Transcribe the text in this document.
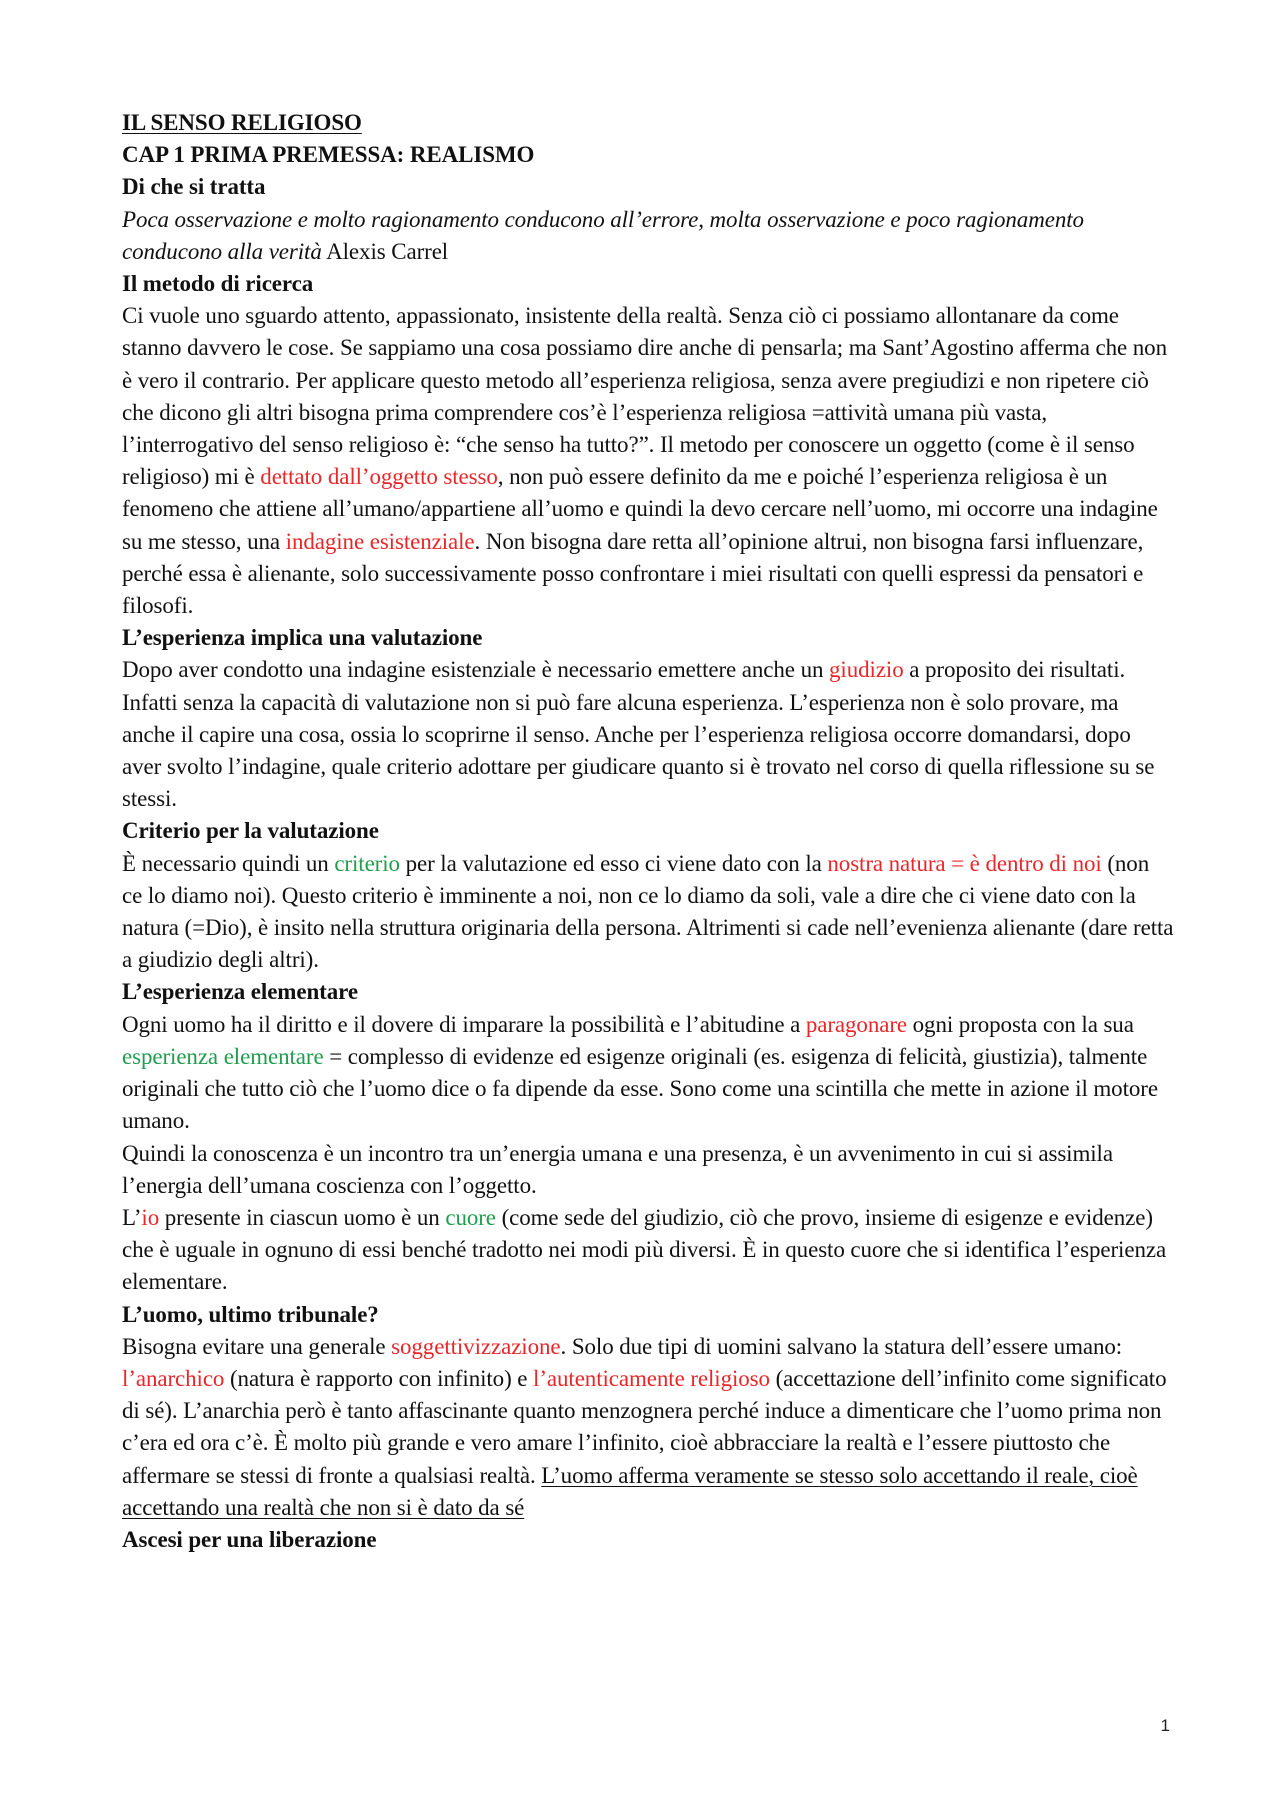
IL SENSO RELIGIOSO

CAP 1 PRIMA PREMESSA: REALISMO

Di che si tratta

Poca osservazione e molto ragionamento conducono all’errore, molta osservazione e poco ragionamento conducono alla verità Alexis Carrel

Il metodo di ricerca

Ci vuole uno sguardo attento, appassionato, insistente della realtà. Senza ciò ci possiamo allontanare da come stanno davvero le cose. Se sappiamo una cosa possiamo dire anche di pensarla; ma Sant’Agostino afferma che non è vero il contrario. Per applicare questo metodo all’esperienza religiosa, senza avere pregiudizi e non ripetere ciò che dicono gli altri bisogna prima comprendere cos’è l’esperienza religiosa =attività umana più vasta, l’interrogativo del senso religioso è: “che senso ha tutto?”. Il metodo per conoscere un oggetto (come è il senso religioso) mi è dettato dall’oggetto stesso, non può essere definito da me e poiché l’esperienza religiosa è un fenomeno che attiene all’umano/appartiene all’uomo e quindi la devo cercare nell’uomo, mi occorre una indagine su me stesso, una indagine esistenziale. Non bisogna dare retta all’opinione altrui, non bisogna farsi influenzare, perché essa è alienante, solo successivamente posso confrontare i miei risultati con quelli espressi da pensatori e filosofi.

L’esperienza implica una valutazione

Dopo aver condotto una indagine esistenziale è necessario emettere anche un giudizio a proposito dei risultati. Infatti senza la capacità di valutazione non si può fare alcuna esperienza. L’esperienza non è solo provare, ma anche il capire una cosa, ossia lo scoprirne il senso. Anche per l’esperienza religiosa occorre domandarsi, dopo aver svolto l’indagine, quale criterio adottare per giudicare quanto si è trovato nel corso di quella riflessione su se stessi.

Criterio per la valutazione

È necessario quindi un criterio per la valutazione ed esso ci viene dato con la nostra natura = è dentro di noi (non ce lo diamo noi). Questo criterio è imminente a noi, non ce lo diamo da soli, vale a dire che ci viene dato con la natura (=Dio), è insito nella struttura originaria della persona. Altrimenti si cade nell’evenienza alienante (dare retta a giudizio degli altri).

L’esperienza elementare

Ogni uomo ha il diritto e il dovere di imparare la possibilità e l’abitudine a paragonare ogni proposta con la sua esperienza elementare = complesso di evidenze ed esigenze originali (es. esigenza di felicità, giustizia), talmente originali che tutto ciò che l’uomo dice o fa dipende da esse. Sono come una scintilla che mette in azione il motore umano.

Quindi la conoscenza è un incontro tra un’energia umana e una presenza, è un avvenimento in cui si assimila l’energia dell’umana coscienza con l’oggetto.

L’io presente in ciascun uomo è un cuore (come sede del giudizio, ciò che provo, insieme di esigenze e evidenze) che è uguale in ognuno di essi benché tradotto nei modi più diversi. È in questo cuore che si identifica l’esperienza elementare.

L’uomo, ultimo tribunale?

Bisogna evitare una generale soggettivizzazione. Solo due tipi di uomini salvano la statura dell’essere umano: l’anarchico (natura è rapporto con infinito) e l’autenticamente religioso (accettazione dell’infinito come significato di sé). L’anarchia però è tanto affascinante quanto menzognera perché induce a dimenticare che l’uomo prima non c’era ed ora c’è. È molto più grande e vero amare l’infinito, cioè abbracciare la realtà e l’essere piuttosto che affermare se stessi di fronte a qualsiasi realtà. L’uomo afferma veramente se stesso solo accettando il reale, cioè accettando una realtà che non si è dato da sé

Ascesi per una liberazione

1
